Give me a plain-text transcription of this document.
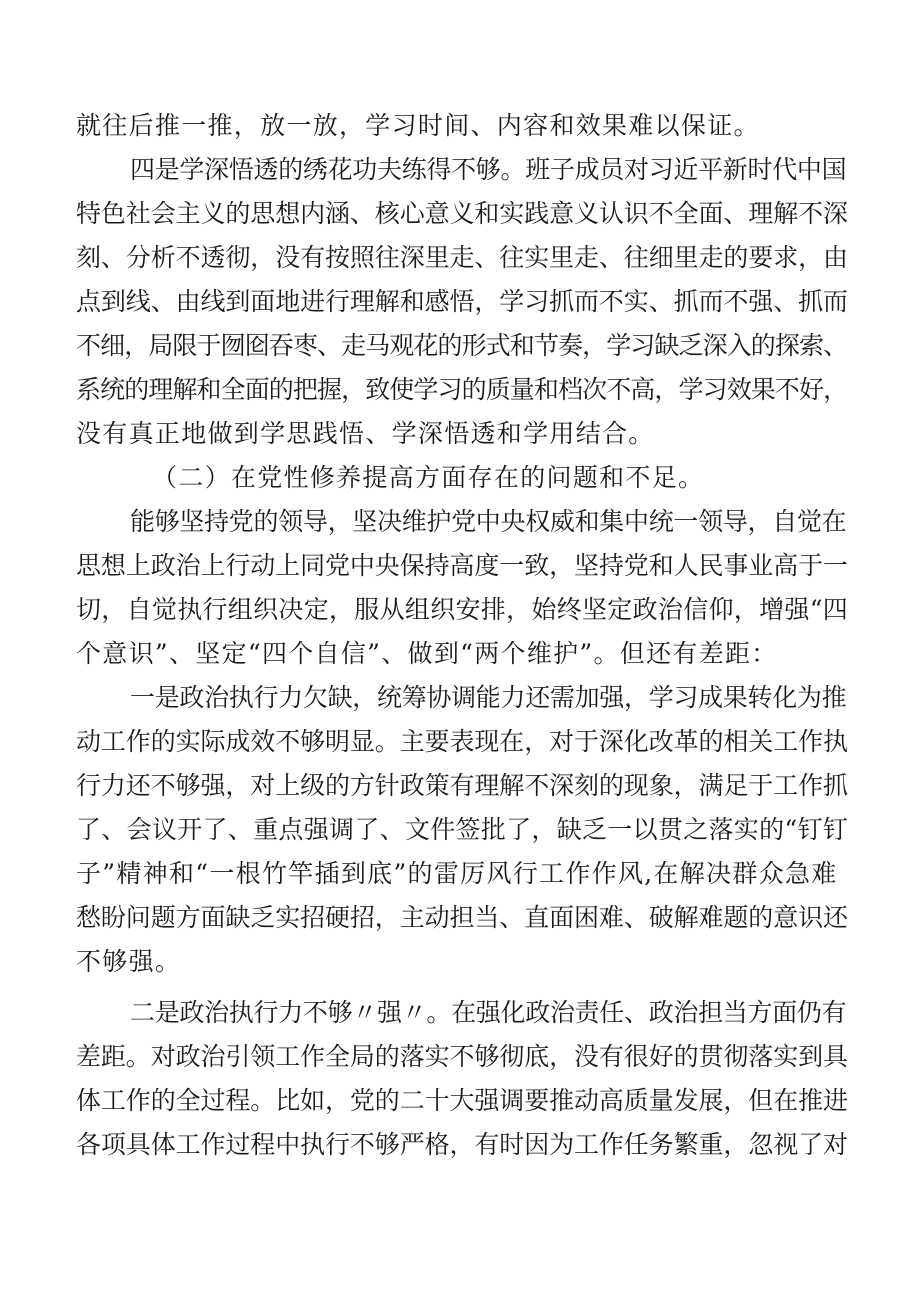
就往后推一推，放一放，学习时间、内容和效果难以保证。
四是学深悟透的绣花功夫练得不够。班子成员对习近平新时代中国
特色社会主义的思想内涵、核心意义和实践意义认识不全面、理解不深
刻、分析不透彻，没有按照往深里走、往实里走、往细里走的要求，由
点到线、由线到面地进行理解和感悟，学习抓而不实、抓而不强、抓而
不细，局限于囫囵吞枣、走马观花的形式和节奏，学习缺乏深入的探索、
系统的理解和全面的把握，致使学习的质量和档次不高，学习效果不好，
没有真正地做到学思践悟、学深悟透和学用结合。
（二）在党性修养提高方面存在的问题和不足。
能够坚持党的领导，坚决维护党中央权威和集中统一领导，自觉在
思想上政治上行动上同党中央保持高度一致，坚持党和人民事业高于一
切，自觉执行组织决定，服从组织安排，始终坚定政治信仰，增强“四
个意识”、坚定“四个自信”、做到“两个维护”。但还有差距：
一是政治执行力欠缺，统筹协调能力还需加强，学习成果转化为推
动工作的实际成效不够明显。主要表现在，对于深化改革的相关工作执
行力还不够强，对上级的方针政策有理解不深刻的现象，满足于工作抓
了、会议开了、重点强调了、文件签批了，缺乏一以贯之落实的“钉钉
子”精神和“一根竹竿插到底”的雷厉风行工作作风,在解决群众急难
愁盼问题方面缺乏实招硬招，主动担当、直面困难、破解难题的意识还
不够强。
二是政治执行力不够〃强〃。在强化政治责任、政治担当方面仍有
差距。对政治引领工作全局的落实不够彻底，没有很好的贯彻落实到具
体工作的全过程。比如，党的二十大强调要推动高质量发展，但在推进
各项具体工作过程中执行不够严格，有时因为工作任务繁重，忽视了对
